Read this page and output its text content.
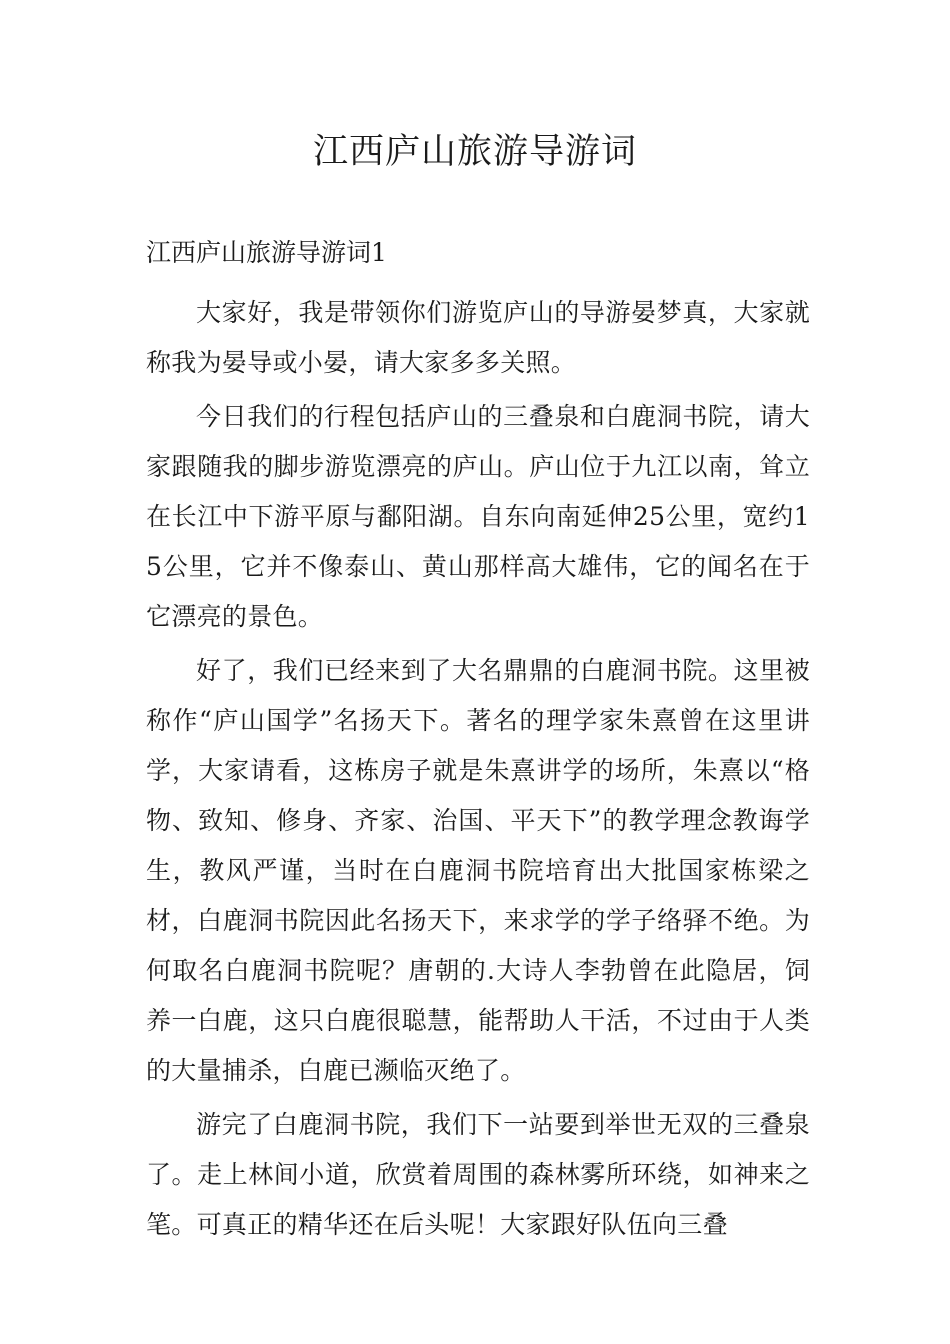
江西庐山旅游导游词

江西庐山旅游导游词1

大家好，我是带领你们游览庐山的导游晏梦真，大家就称我为晏导或小晏，请大家多多关照。

今日我们的行程包括庐山的三叠泉和白鹿洞书院，请大家跟随我的脚步游览漂亮的庐山。庐山位于九江以南，耸立在长江中下游平原与鄱阳湖。自东向南延伸25公里，宽约15公里，它并不像泰山、黄山那样高大雄伟，它的闻名在于它漂亮的景色。

好了，我们已经来到了大名鼎鼎的白鹿洞书院。这里被称作“庐山国学”名扬天下。著名的理学家朱熹曾在这里讲学，大家请看，这栋房子就是朱熹讲学的场所，朱熹以“格物、致知、修身、齐家、治国、平天下”的教学理念教诲学生，教风严谨，当时在白鹿洞书院培育出大批国家栋梁之材，白鹿洞书院因此名扬天下，来求学的学子络驿不绝。为何取名白鹿洞书院呢？唐朝的.大诗人李勃曾在此隐居，饲养一白鹿，这只白鹿很聪慧，能帮助人干活，不过由于人类的大量捕杀，白鹿已濒临灭绝了。

游完了白鹿洞书院，我们下一站要到举世无双的三叠泉了。走上林间小道，欣赏着周围的森林雾所环绕，如神来之笔。可真正的精华还在后头呢！大家跟好队伍向三叠
